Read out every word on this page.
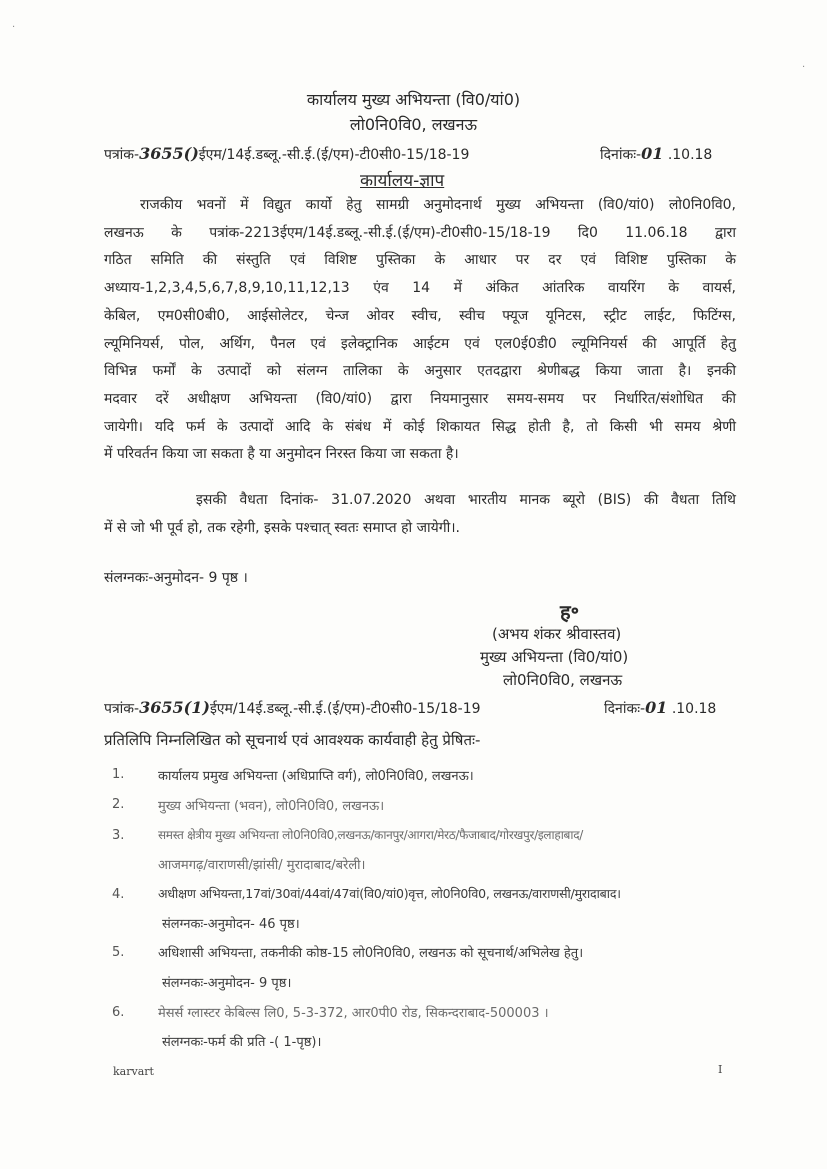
कार्यालय मुख्य अभियन्ता (वि0/यां0)
लो0नि0वि0, लखनऊ
पत्रांक-3655()ईएम/14ई.डब्लू.-सी.ई.(ई/एम)-टी0सी0-15/18-19	दिनांकः-01 .10.18
कार्यालय-ज्ञाप
राजकीय भवनों में विद्युत कार्यो हेतु सामग्री अनुमोदनार्थ मुख्य अभियन्ता (वि0/यां0) लो0नि0वि0,
लखनऊ के पत्रांक-2213ईएम/14ई.डब्लू.-सी.ई.(ई/एम)-टी0सी0-15/18-19 दि0 11.06.18 द्वारा
गठित समिति की संस्तुति एवं विशिष्ट पुस्तिका के आधार पर दर एवं विशिष्ट पुस्तिका के
अध्याय-1,2,3,4,5,6,7,8,9,10,11,12,13 एंव 14 में अंकित आंतरिक वायरिंग के वायर्स,
केबिल, एम0सी0बी0, आईसोलेटर, चेन्ज ओवर स्वीच, स्वीच फ्यूज यूनिटस, स्ट्रीट लाईट, फिटिंग्स,
ल्यूमिनियर्स, पोल, अर्थिग, पैनल एवं इलेक्ट्रानिक आईटम एवं एल0ई0डी0 ल्यूमिनियर्स की आपूर्ति हेतु
विभिन्न फर्मों के उत्पादों को संलग्न तालिका के अनुसार एतदद्वारा श्रेणीबद्ध किया जाता है। इनकी
मदवार दरें अधीक्षण अभियन्ता (वि0/यां0) द्वारा नियमानुसार समय-समय पर निर्धारित/संशोधित की
जायेगी। यदि फर्म के उत्पादों आदि के संबंध में कोई शिकायत सिद्ध होती है, तो किसी भी समय श्रेणी
में परिवर्तन किया जा सकता है या अनुमोदन निरस्त किया जा सकता है।
इसकी वैधता दिनांक- 31.07.2020 अथवा भारतीय मानक ब्यूरो (BIS) की वैधता तिथि
में से जो भी पूर्व हो, तक रहेगी, इसके पश्चात् स्वतः समाप्त हो जायेगी।.
संलग्नकः-अनुमोदन- 9 पृष्ठ ।
ह॰
(अभय शंकर श्रीवास्तव)
मुख्य अभियन्ता (वि0/यां0)
लो0नि0वि0, लखनऊ
पत्रांक-3655(1)ईएम/14ई.डब्लू.-सी.ई.(ई/एम)-टी0सी0-15/18-19	दिनांकः-01 .10.18
प्रतिलिपि निम्नलिखित को सूचनार्थ एवं आवश्यक कार्यवाही हेतु प्रेषितः-
1.	कार्यालय प्रमुख अभियन्ता (अधिप्राप्ति वर्ग), लो0नि0वि0, लखनऊ।
2.	मुख्य अभियन्ता (भवन), लो0नि0वि0, लखनऊ।
3.	समस्त क्षेत्रीय मुख्य अभियन्ता लो0नि0वि0,लखनऊ/कानपुर/आगरा/मेरठ/फैजाबाद/गोरखपुर/इलाहाबाद/
आजमगढ़/वाराणसी/झांसी/ मुरादाबाद/बरेली।
4.	अधीक्षण अभियन्ता,17वां/30वां/44वां/47वां(वि0/यां0)वृत्त, लो0नि0वि0, लखनऊ/वाराणसी/मुरादाबाद।
संलग्नकः-अनुमोदन- 46 पृष्ठ।
5.	अधिशासी अभियन्ता, तकनीकी कोष्ठ-15 लो0नि0वि0, लखनऊ को सूचनार्थ/अभिलेख हेतु।
संलग्नकः-अनुमोदन- 9 पृष्ठ।
6.	मेसर्स ग्लास्टर केबिल्स लि0, 5-3-372, आर0पी0 रोड, सिकन्दराबाद-500003 ।
संलग्नकः-फर्म की प्रति -( 1-पृष्ठ)।
karvart	I
·
·
